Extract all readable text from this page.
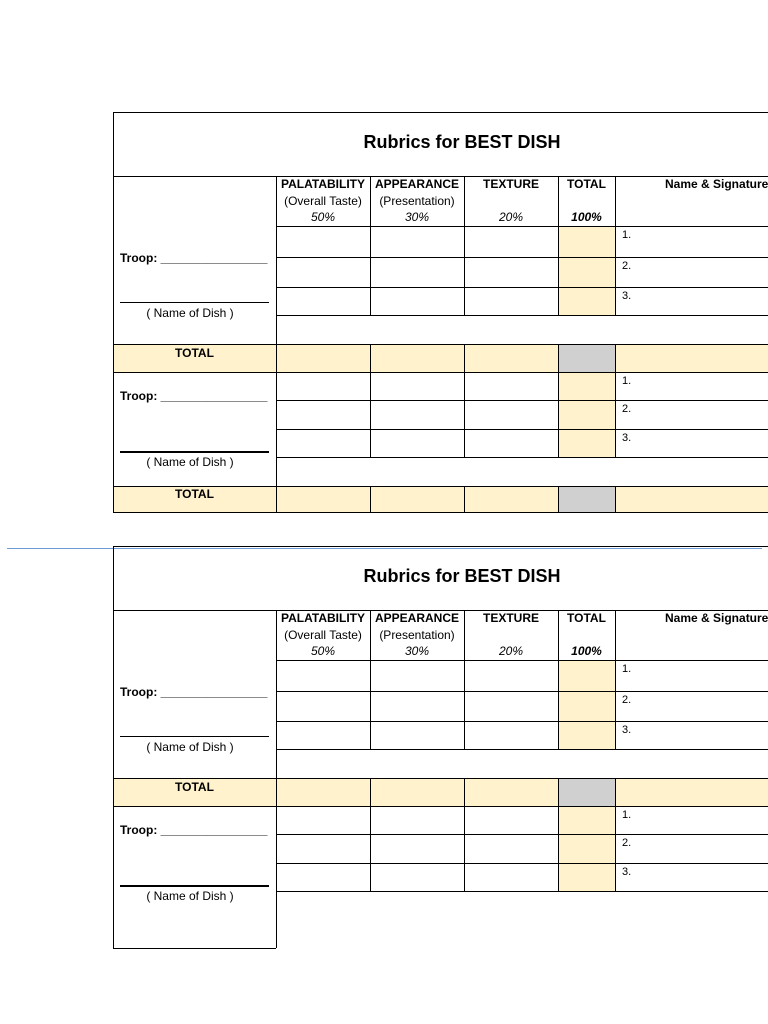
Rubrics for BEST DISH
PALATABILITY
(Overall Taste)
50%
APPEARANCE
(Presentation)
30%
TEXTURE
20%
TOTAL
100%
Name & Signature
1.
2.
3.
1.
2.
3.
Troop: ________________
( Name of Dish )
TOTAL
Troop: ________________
( Name of Dish )
TOTAL
Rubrics for BEST DISH
PALATABILITY
(Overall Taste)
50%
APPEARANCE
(Presentation)
30%
TEXTURE
20%
TOTAL
100%
Name & Signature
1.
2.
3.
1.
2.
3.
Troop: ________________
( Name of Dish )
TOTAL
Troop: ________________
( Name of Dish )
